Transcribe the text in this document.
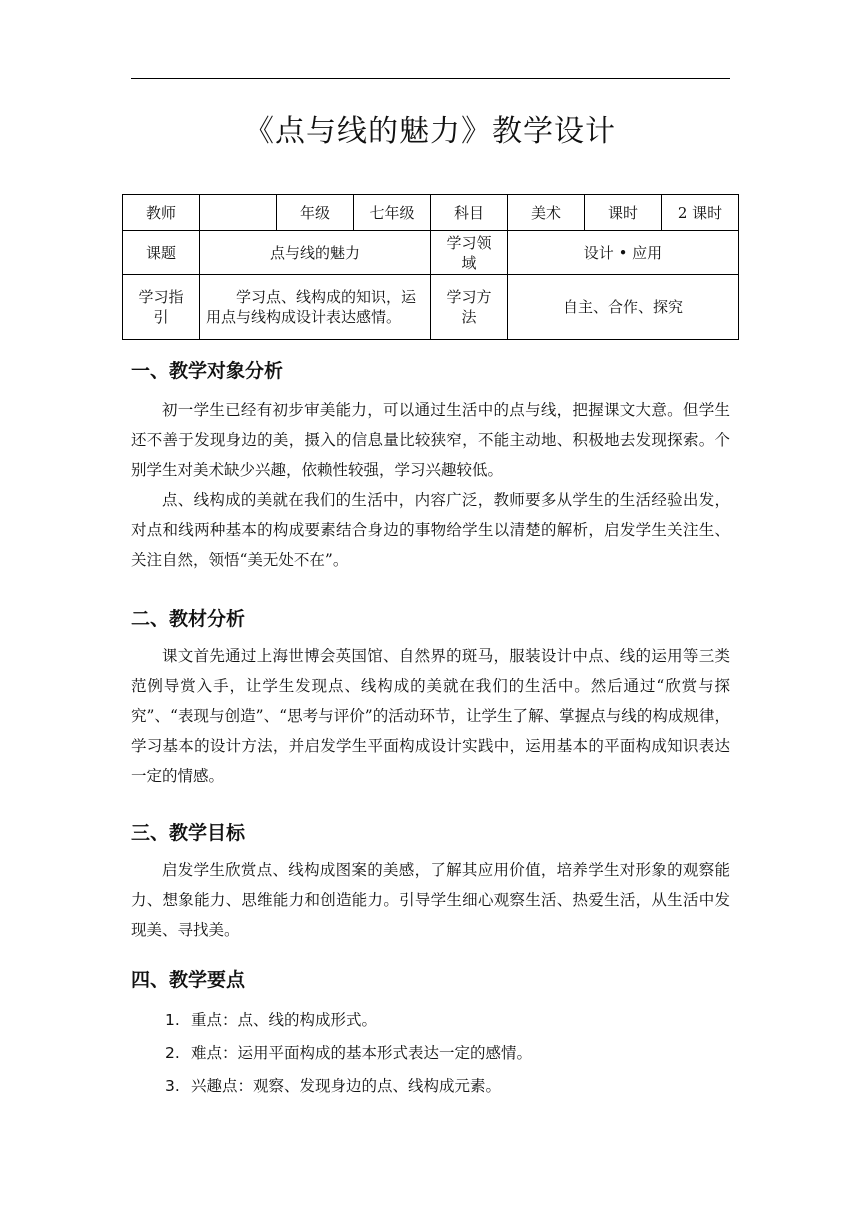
《点与线的魅力》教学设计
教师		年级	七年级	科目	美术	课时	2 课时
课题	点与线的魅力			学习领域	设计 • 应用		
学习指引	学习点、线构成的知识，运用点与线构成设计表达感情。			学习方法	自主、合作、探究		
一、教学对象分析

初一学生已经有初步审美能力，可以通过生活中的点与线，把握课文大意。但学生还不善于发现身边的美，摄入的信息量比较狭窄，不能主动地、积极地去发现探索。个别学生对美术缺少兴趣，依赖性较强，学习兴趣较低。

点、线构成的美就在我们的生活中，内容广泛，教师要多从学生的生活经验出发，对点和线两种基本的构成要素结合身边的事物给学生以清楚的解析，启发学生关注生、关注自然，领悟“美无处不在”。

二、教材分析

课文首先通过上海世博会英国馆、自然界的斑马，服装设计中点、线的运用等三类范例导赏入手，让学生发现点、线构成的美就在我们的生活中。然后通过“欣赏与探究”、“表现与创造”、“思考与评价”的活动环节，让学生了解、掌握点与线的构成规律，学习基本的设计方法，并启发学生平面构成设计实践中，运用基本的平面构成知识表达一定的情感。

三、教学目标

启发学生欣赏点、线构成图案的美感，了解其应用价值，培养学生对形象的观察能力、想象能力、思维能力和创造能力。引导学生细心观察生活、热爱生活，从生活中发现美、寻找美。

四、教学要点
1. 重点：点、线的构成形式。
2. 难点：运用平面构成的基本形式表达一定的感情。
3. 兴趣点：观察、发现身边的点、线构成元素。
